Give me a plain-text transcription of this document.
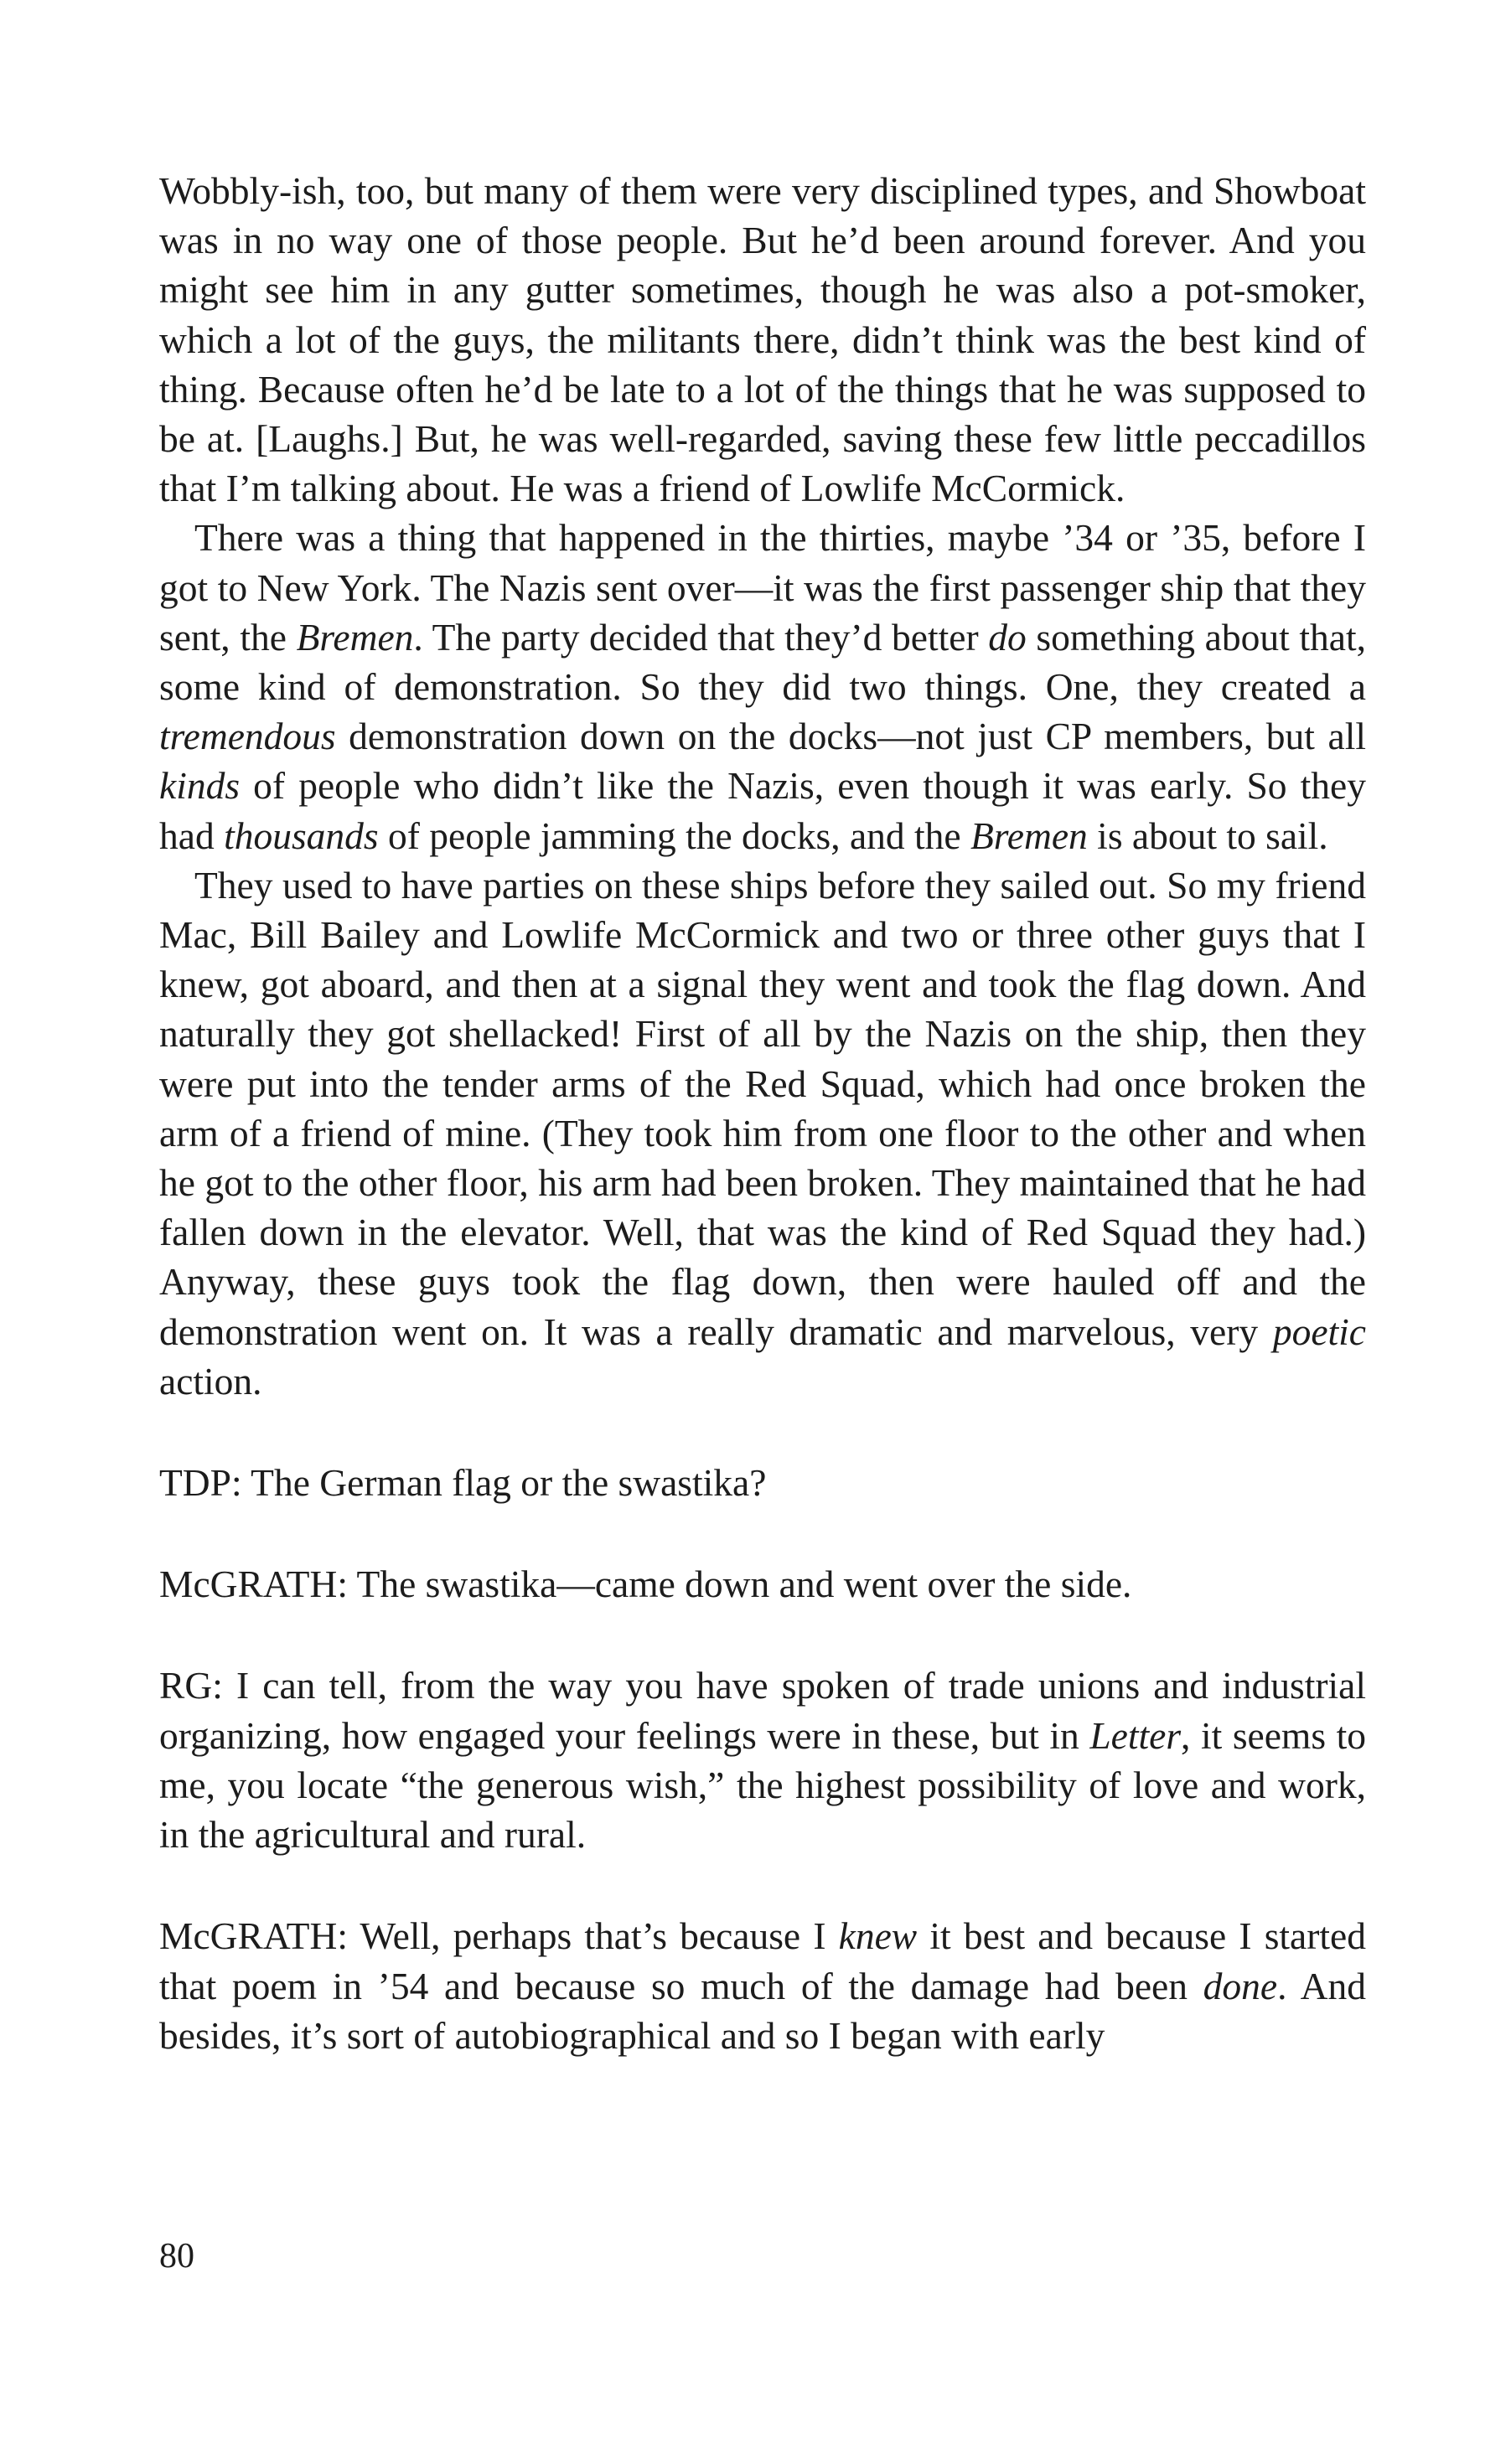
Wobbly-ish, too, but many of them were very disciplined types, and Showboat was in no way one of those people. But he’d been around forever. And you might see him in any gutter sometimes, though he was also a pot-smoker, which a lot of the guys, the militants there, didn’t think was the best kind of thing. Because often he’d be late to a lot of the things that he was supposed to be at. [Laughs.] But, he was well-regarded, saving these few little peccadillos that I’m talking about. He was a friend of Lowlife McCormick.

There was a thing that happened in the thirties, maybe ’34 or ’35, before I got to New York. The Nazis sent over—it was the first passenger ship that they sent, the Bremen. The party decided that they’d better do something about that, some kind of demonstration. So they did two things. One, they created a tremendous demonstration down on the docks—not just CP members, but all kinds of people who didn’t like the Nazis, even though it was early. So they had thousands of people jamming the docks, and the Bremen is about to sail.

They used to have parties on these ships before they sailed out. So my friend Mac, Bill Bailey and Lowlife McCormick and two or three other guys that I knew, got aboard, and then at a signal they went and took the flag down. And naturally they got shellacked! First of all by the Nazis on the ship, then they were put into the tender arms of the Red Squad, which had once broken the arm of a friend of mine. (They took him from one floor to the other and when he got to the other floor, his arm had been broken. They maintained that he had fallen down in the elevator. Well, that was the kind of Red Squad they had.) Anyway, these guys took the flag down, then were hauled off and the demonstration went on. It was a really dramatic and marvelous, very poetic action.

TDP: The German flag or the swastika?

McGRATH: The swastika—came down and went over the side.

RG: I can tell, from the way you have spoken of trade unions and industrial organizing, how engaged your feelings were in these, but in Letter, it seems to me, you locate “the generous wish,” the highest possibility of love and work, in the agricultural and rural.

McGRATH: Well, perhaps that’s because I knew it best and because I started that poem in ’54 and because so much of the damage had been done. And besides, it’s sort of autobiographical and so I began with early

80
